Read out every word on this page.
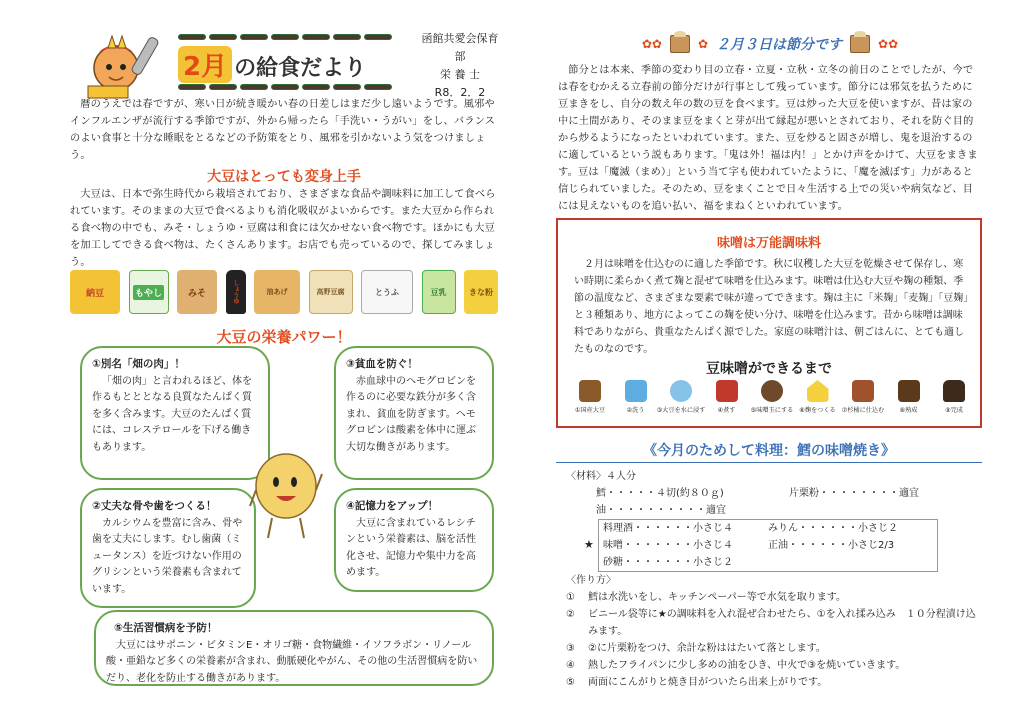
2月 の給食だより
函館共愛会保育部
栄 養 士
R8．2．2

暦のうえでは春ですが、寒い日が続き暖かい春の日差しはまだ少し遠いようです。風邪やインフルエンザが流行する季節ですが、外から帰ったら「手洗い・うがい」をし、バランスのよい食事と十分な睡眠をとるなどの予防策をとり、風邪を引かないよう気をつけましょう。

大豆はとっても変身上手

大豆は、日本で弥生時代から栽培されており、さまざまな食品や調味料に加工して食べられています。そのままの大豆で食べるよりも消化吸収がよいからです。また大豆から作られる食べ物の中でも、みそ・しょうゆ・豆腐は和食には欠かせない食べ物です。ほかにも大豆を加工してできる食べ物は、たくさんあります。お店でも売っているので、探してみましょう。

納豆	もやし	みそ	しょうゆ	油あげ	高野豆腐	とうふ	豆乳	きな粉
大豆の栄養パワー！
①別名「畑の肉」！

「畑の肉」と言われるほど、体を作るもとととなる良質なたんぱく質を多く含みます。大豆のたんぱく質には、コレステロールを下げる働きもあります。

③貧血を防ぐ！

赤血球中のヘモグロビンを作るのに必要な鉄分が多く含まれ、貧血を防ぎます。ヘモグロビンは酸素を体中に運ぶ大切な働きがあります。

②丈夫な骨や歯をつくる！

カルシウムを豊富に含み、骨や歯を丈夫にします。むし歯菌（ミュータンス）を近づけない作用のグリシンという栄養素も含まれています。

④記憶力をアップ！

大豆に含まれているレシチンという栄養素は、脳を活性化させ、記憶力や集中力を高めます。

⑤生活習慣病を予防！

大豆にはサポニン・ビタミンE・オリゴ糖・食物繊維・イソフラボン・リノール酸・亜鉛など多くの栄養素が含まれ、動脈硬化やがん、その他の生活習慣病を防いだり、老化を防止する働きがあります。

✿✿	✿ ２月３日は節分です	✿✿

節分とは本来、季節の変わり目の立春・立夏・立秋・立冬の前日のことでしたが、今では春をむかえる立春前の節分だけが行事として残っています。節分には邪気を払うために豆まきをし、自分の数え年の数の豆を食べます。豆は炒った大豆を使いますが、昔は家の中に土間があり、そのまま豆をまくと芽が出て縁起が悪いとされており、それを防ぐ目的から炒るようになったといわれています。また、豆を炒ると固さが増し、鬼を退治するのに適しているという説もあります。「鬼は外！福は内！」とかけ声をかけて、大豆をまきます。豆は「魔滅（まめ）」という当て字も使われていたように、「魔を滅ぼす」力があると信じられていました。そのため、豆をまくことで日々生活する上での災いや病気など、目には見えないものを追い払い、福をまねくといわれています。

味噌は万能調味料

２月は味噌を仕込むのに適した季節です。秋に収穫した大豆を乾燥させて保存し、寒い時期に柔らかく煮て麹と混ぜて味噌を仕込みます。味噌は仕込む大豆や麹の種類、季節の温度など、さまざまな要素で味が違ってできます。麹は主に「米麹」「麦麹」「豆麹」と３種類あり、地方によってこの麹を使い分け、味噌を仕込みます。昔から味噌は調味料でありながら、貴重なたんぱく源でした。家庭の味噌汁は、朝ごはんに、とても適したものなのです。

豆味噌ができるまで
①国産大豆	②洗う ③大豆を水に浸す ④煮す ⑤味噌玉にする ⑥麹をつくる ⑦杉桶に仕込む ⑧熟成	⑨完成
《今月のためして料理：鱈の味噌焼き》
〈材料〉４人分
鱈・・・・・４切(約８０ｇ)	片栗粉・・・・・・・・適宜
油・・・・・・・・・・適宜
料理酒・・・・・・小さじ４	みりん・・・・・・小さじ２
味噌・・・・・・・小さじ４	正油・・・・・・小さじ2/3
砂糖・・・・・・・小さじ２
〈作り方〉
①	鱈は水洗いをし、キッチンペーパー等で水気を取ります。
②	ビニール袋等に★の調味料を入れ混ぜ合わせたら、①を入れ揉み込み　１０分程漬け込みます。
③	②に片栗粉をつけ、余計な粉ははたいて落とします。
④	熱したフライパンに少し多めの油をひき、中火で③を焼いていきます。
⑤	両面にこんがりと焼き目がついたら出来上がりです。
★
